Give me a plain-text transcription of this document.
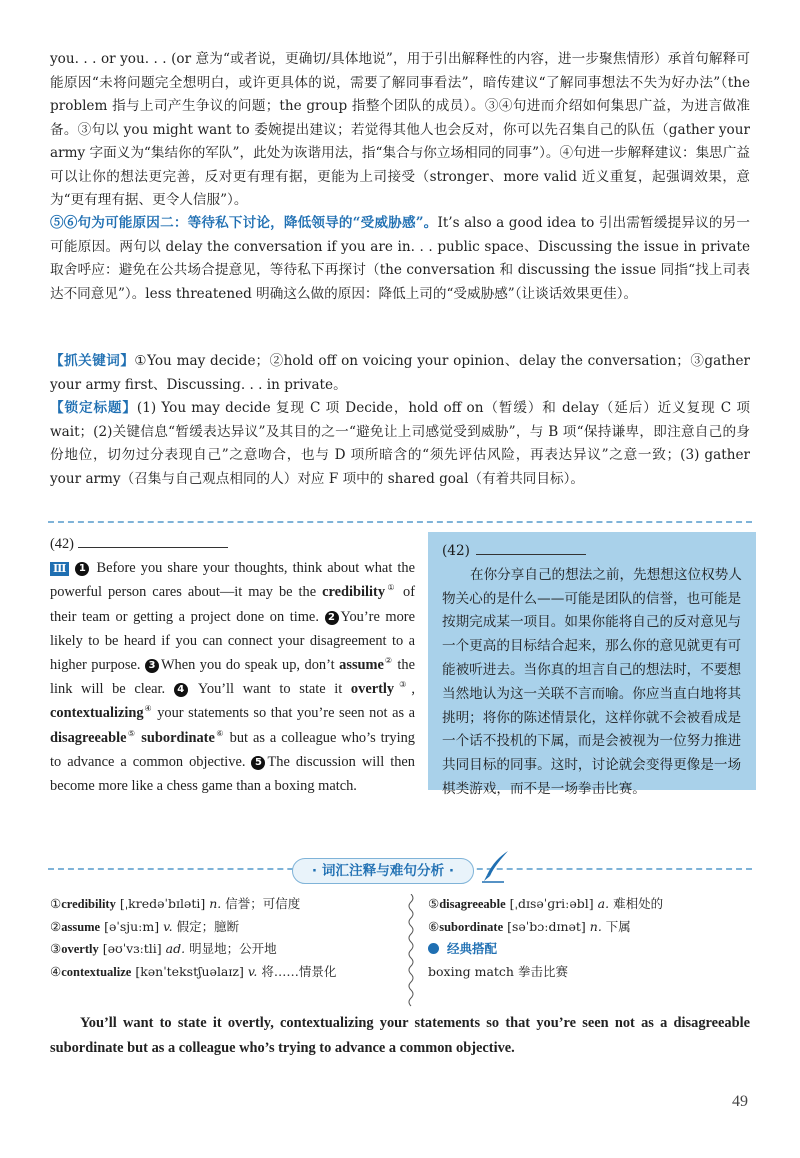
you. . . or you. . . (or 意为“或者说，更确切/具体地说”，用于引出解释性的内容，进一步聚焦情形）承首句解释可能原因“未将问题完全想明白，或许更具体的说，需要了解同事看法”，暗传建议“了解同事想法不失为好办法”（the problem 指与上司产生争议的问题；the group 指整个团队的成员）。③④句进而介绍如何集思广益，为进言做准备。③句以 you might want to 委婉提出建议；若觉得其他人也会反对，你可以先召集自己的队伍（gather your army 字面义为“集结你的军队”，此处为诙谐用法，指“集合与你立场相同的同事”）。④句进一步解释建议：集思广益可以让你的想法更完善，反对更有理有据，更能为上司接受（stronger、more valid 近义重复，起强调效果，意为“更有理有据、更令人信服”）。

⑤⑥句为可能原因二：等待私下讨论，降低领导的“受威胁感”。It’s also a good idea to 引出需暂缓提异议的另一可能原因。两句以 delay the conversation if you are in. . . public space、Discussing the issue in private 取舍呼应：避免在公共场合提意见，等待私下再探讨（the conversation 和 discussing the issue 同指“找上司表达不同意见”）。less threatened 明确这么做的原因：降低上司的“受威胁感”（让谈话效果更佳）。

【抓关键词】①You may decide；②hold off on voicing your opinion、delay the conversation；③gather your army first、Discussing. . . in private。

【锁定标题】(1) You may decide 复现 C 项 Decide，hold off on（暂缓）和 delay（延后）近义复现 C 项 wait；(2)关键信息“暂缓表达异议”及其目的之一“避免让上司感觉受到威胁”，与 B 项“保持谦卑，即注意自己的身份地位，切勿过分表现自己”之意吻合，也与 D 项所暗含的“须先评估风险，再表达异议”之意一致；(3) gather your army（召集与自己观点相同的人）对应 F 项中的 shared goal（有着共同目标）。

(42)
Ⅲ 1 Before you share your thoughts, think about what the powerful person cares about—it may be the credibility① of their team or getting a project done on time. 2 You’re more likely to be heard if you can connect your disagreement to a higher purpose. 3 When you do speak up, don’t assume② the link will be clear. 4 You’ll want to state it overtly③, contextualizing④ your statements so that you’re seen not as a disagreeable⑤ subordinate⑥ but as a colleague who’s trying to advance a common objective. 5 The discussion will then become more like a chess game than a boxing match.
(42)
在你分享自己的想法之前，先想想这位权势人物关心的是什么——可能是团队的信誉，也可能是按期完成某一项目。如果你能将自己的反对意见与一个更高的目标结合起来，那么你的意见就更有可能被听进去。当你真的坦言自己的想法时，不要想当然地认为这一关联不言而喻。你应当直白地将其挑明；将你的陈述情景化，这样你就不会被看成是一个话不投机的下属，而是会被视为一位努力推进共同目标的同事。这时，讨论就会变得更像是一场棋类游戏，而不是一场拳击比赛。
· 词汇注释与难句分析 ·
①credibility [ˌkredəˈbɪləti] n. 信誉；可信度
②assume [əˈsjuːm] v. 假定；臆断
③overtly [əʊˈvɜːtli] ad. 明显地；公开地
④contextualize [kənˈtekstʃuəlaɪz] v. 将……情景化
⑤disagreeable [ˌdɪsəˈɡriːəbl] a. 难相处的
⑥subordinate [səˈbɔːdɪnət] n. 下属
经典搭配
boxing match 拳击比赛
You’ll want to state it overtly, contextualizing your statements so that you’re seen not as a disagreeable subordinate but as a colleague who’s trying to advance a common objective.
49
